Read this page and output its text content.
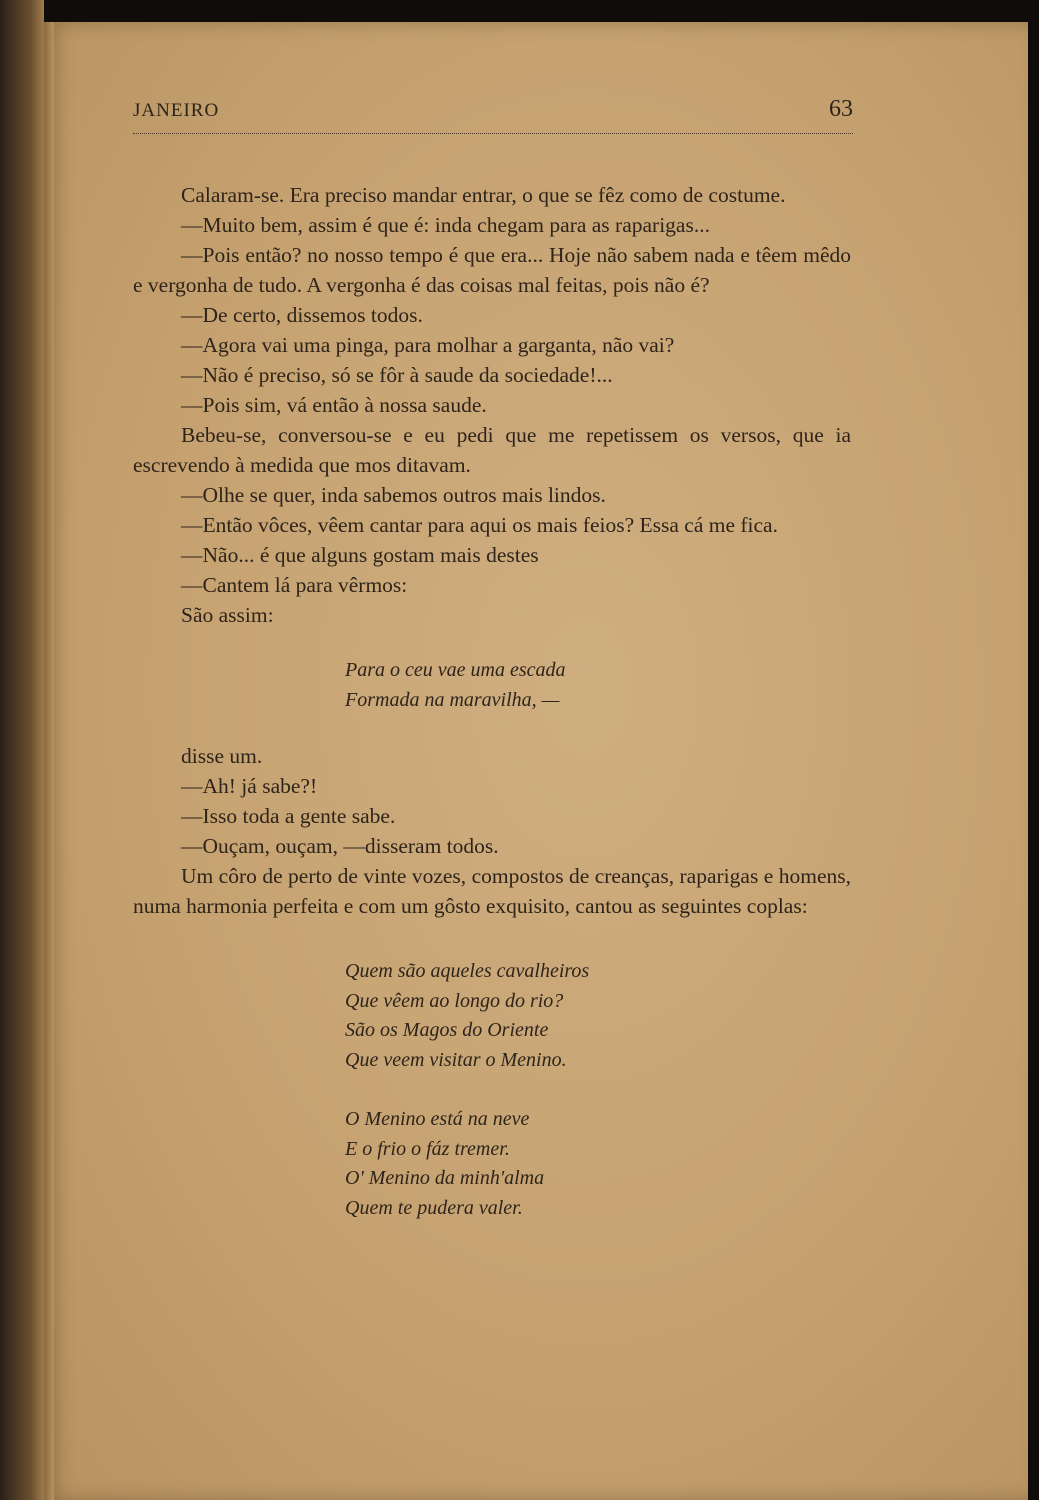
JANEIRO	63

Calaram-se. Era preciso mandar entrar, o que se fêz como de costume.

—Muito bem, assim é que é: inda chegam para as raparigas...

—Pois então? no nosso tempo é que era... Hoje não sabem nada e têem mêdo e vergonha de tudo. A vergonha é das coisas mal feitas, pois não é?

—De certo, dissemos todos.

—Agora vai uma pinga, para molhar a garganta, não vai?

—Não é preciso, só se fôr à saude da sociedade!...

—Pois sim, vá então à nossa saude.

Bebeu-se, conversou-se e eu pedi que me repetissem os versos, que ia escrevendo à medida que mos ditavam.

—Olhe se quer, inda sabemos outros mais lindos.

—Então vôces, vêem cantar para aqui os mais feios? Essa cá me fica.

—Não... é que alguns gostam mais destes

—Cantem lá para vêrmos:

São assim:

Para o ceu vae uma escada
Formada na maravilha, —

disse um.

—Ah! já sabe?!

—Isso toda a gente sabe.

—Ouçam, ouçam, —disseram todos.

Um côro de perto de vinte vozes, compostos de creanças, raparigas e homens, numa harmonia perfeita e com um gôsto exquisito, cantou as seguintes coplas:

Quem são aqueles cavalheiros
Que vêem ao longo do rio?
São os Magos do Oriente
Que veem visitar o Menino.
O Menino está na neve
E o frio o fáz tremer.
O' Menino da minh'alma
Quem te pudera valer.
